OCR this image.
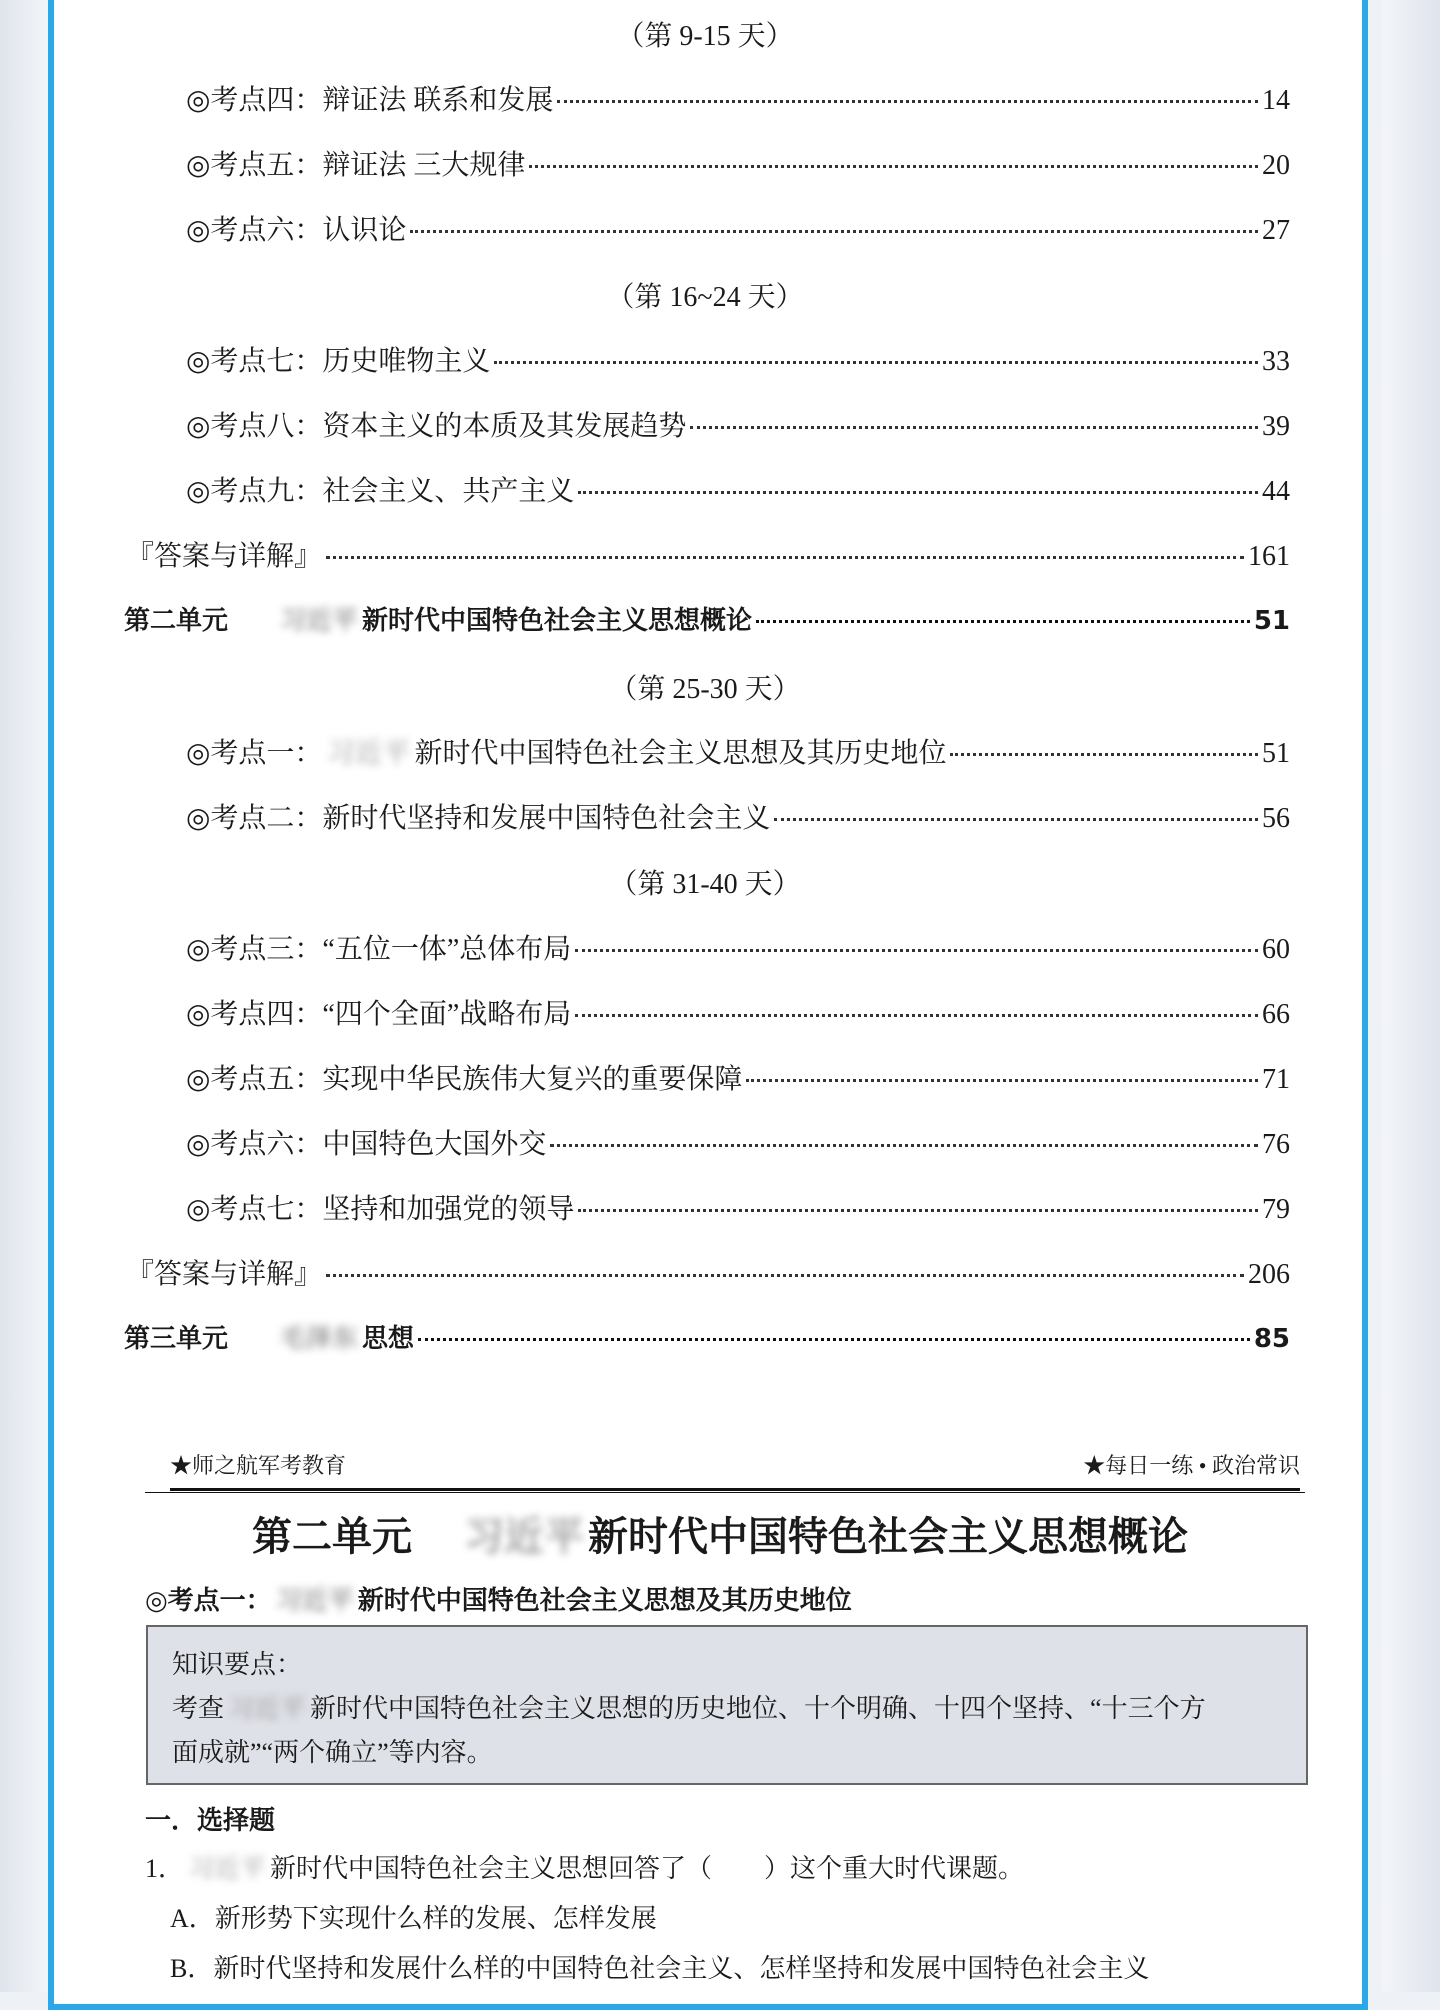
（第 9-15 天）
◎考点四：辩证法 联系和发展	14
◎考点五：辩证法 三大规律	20
◎考点六：认识论	27
（第 16~24 天）
◎考点七：历史唯物主义	33
◎考点八：资本主义的本质及其发展趋势	39
◎考点九：社会主义、共产主义	44
『答案与详解』	161
第二单元 习近平 新时代中国特色社会主义思想概论	51
（第 25-30 天）
◎考点一： 习近平 新时代中国特色社会主义思想及其历史地位	51
◎考点二：新时代坚持和发展中国特色社会主义	56
（第 31-40 天）
◎考点三：“五位一体”总体布局	60
◎考点四：“四个全面”战略布局	66
◎考点五：实现中华民族伟大复兴的重要保障	71
◎考点六：中国特色大国外交	76
◎考点七：坚持和加强党的领导	79
『答案与详解』	206
第三单元 毛泽东 思想	85
★师之航军考教育	★每日一练 • 政治常识
第二单元 习近平 新时代中国特色社会主义思想概论
◎考点一： 习近平 新时代中国特色社会主义思想及其历史地位
知识要点：
考查 习近平 新时代中国特色社会主义思想的历史地位、十个明确、十四个坚持、“十三个方
面成就”“两个确立”等内容。
一．选择题
1． 习近平 新时代中国特色社会主义思想回答了（　　）这个重大时代课题。
A．新形势下实现什么样的发展、怎样发展
B．新时代坚持和发展什么样的中国特色社会主义、怎样坚持和发展中国特色社会主义
